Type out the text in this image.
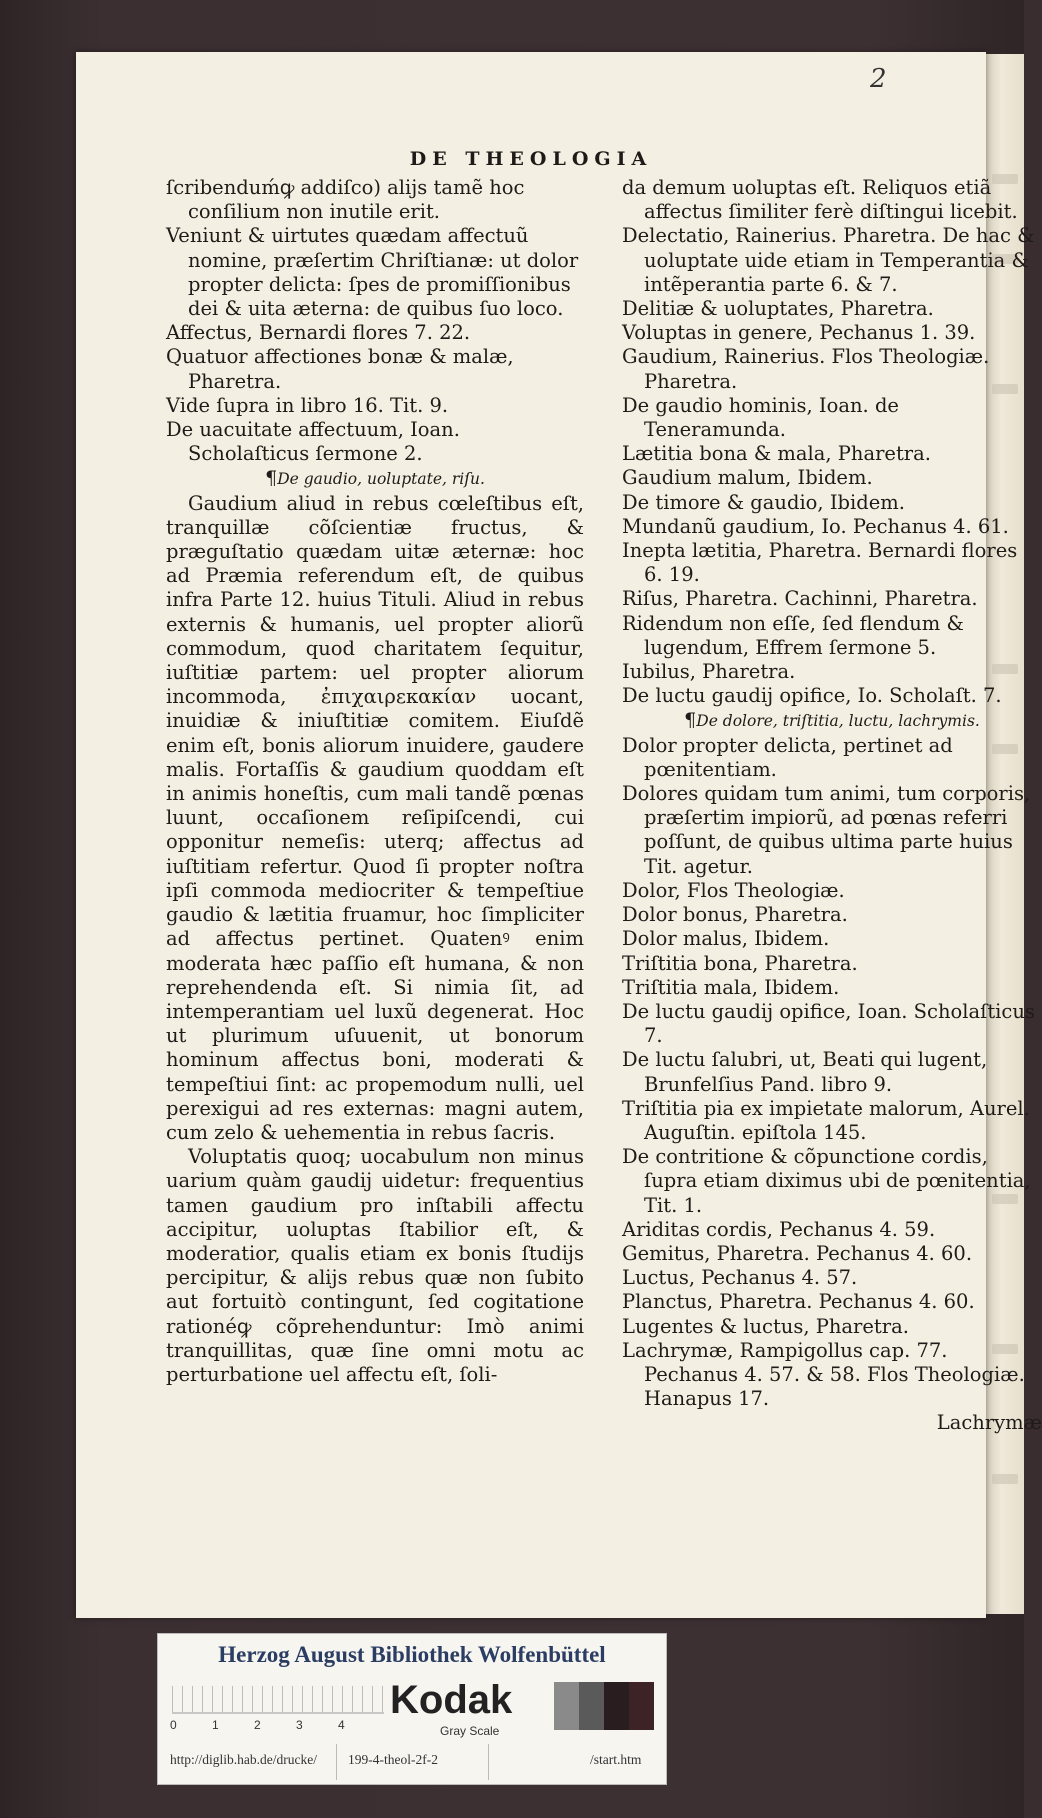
2
DE THEOLOGIA

ſcribenduḿꝙ addiſco) alijs tamẽ hoc conſilium non inutile erit.

Veniunt & uirtutes quædam affectuũ nomine, præſertim Chriſtianæ: ut dolor propter delicta: ſpes de promiſſionibus dei & uita æterna: de quibus ſuo loco.

Affectus, Bernardi flores 7. 22.

Quatuor affectiones bonæ & malæ, Pharetra.

Vide ſupra in libro 16. Tit. 9.

De uacuitate affectuum, Ioan. Scholaſticus ſermone 2.

¶De gaudio, uoluptate, riſu.

Gaudium aliud in rebus cœleſtibus eſt, tranquillæ cõſcientiæ fructus, & præguſtatio quædam uitæ æternæ: hoc ad Præmia referendum eſt, de quibus infra Parte 12. huius Tituli. Aliud in rebus externis & humanis, uel propter aliorũ commodum, quod charitatem ſequitur, iuſtitiæ partem: uel propter aliorum incommoda, ἐπιχαιρεκακίαν uocant, inuidiæ & iniuſtitiæ comitem. Eiuſdẽ enim eſt, bonis aliorum inuidere, gaudere malis. Fortaſſis & gaudium quoddam eſt in animis honeſtis, cum mali tandẽ pœnas luunt, occaſionem reſipiſcendi, cui opponitur nemeſis: uterq; affectus ad iuſtitiam refertur. Quod ſi propter noſtra ipſi commoda mediocriter & tempeſtiue gaudio & lætitia fruamur, hoc ſimpliciter ad affectus pertinet. Quatenꝰ enim moderata hæc paſſio eſt humana, & non reprehendenda eſt. Si nimia ſit, ad intemperantiam uel luxũ degenerat. Hoc ut plurimum uſuuenit, ut bonorum hominum affectus boni, moderati & tempeſtiui ſint: ac propemodum nulli, uel perexigui ad res externas: magni autem, cum zelo & uehementia in rebus ſacris.

Voluptatis quoq; uocabulum non minus uarium quàm gaudij uidetur: frequentius tamen gaudium pro inſtabili affectu accipitur, uoluptas ſtabilior eſt, & moderatior, qualis etiam ex bonis ſtudijs percipitur, & alijs rebus quæ non ſubito aut fortuitò contingunt, ſed cogitatione rationéꝙ cõprehenduntur: Imò animi tranquillitas, quæ ſine omni motu ac perturbatione uel affectu eſt, ſoli-

da demum uoluptas eſt. Reliquos etiã affectus ſimiliter ferè diſtingui licebit.

Delectatio, Rainerius. Pharetra. De hac & uoluptate uide etiam in Temperantia & intẽperantia parte 6. & 7.

Delitiæ & uoluptates, Pharetra.

Voluptas in genere, Pechanus 1. 39.

Gaudium, Rainerius. Flos Theologiæ. Pharetra.

De gaudio hominis, Ioan. de Teneramunda.

Lætitia bona & mala, Pharetra.

Gaudium malum, Ibidem.

De timore & gaudio, Ibidem.

Mundanũ gaudium, Io. Pechanus 4. 61.

Inepta lætitia, Pharetra. Bernardi flores 6. 19.

Riſus, Pharetra. Cachinni, Pharetra.

Ridendum non eſſe, ſed flendum & lugendum, Effrem ſermone 5.

Iubilus, Pharetra.

De luctu gaudij opifice, Io. Scholaſt. 7.

¶De dolore, triſtitia, luctu, lachrymis.

Dolor propter delicta, pertinet ad pœnitentiam.

Dolores quidam tum animi, tum corporis, præſertim impiorũ, ad pœnas referri poſſunt, de quibus ultima parte huius Tit. agetur.

Dolor, Flos Theologiæ.

Dolor bonus, Pharetra.

Dolor malus, Ibidem.

Triſtitia bona, Pharetra.

Triſtitia mala, Ibidem.

De luctu gaudij opifice, Ioan. Scholaſticus 7.

De luctu ſalubri, ut, Beati qui lugent, Brunfelſius Pand. libro 9.

Triſtitia pia ex impietate malorum, Aurel. Auguſtin. epiſtola 145.

De contritione & cõpunctione cordis, ſupra etiam diximus ubi de pœnitentia, Tit. 1.

Ariditas cordis, Pechanus 4. 59.

Gemitus, Pharetra. Pechanus 4. 60.

Luctus, Pechanus 4. 57.

Planctus, Pharetra. Pechanus 4. 60.

Lugentes & luctus, Pharetra.

Lachrymæ, Rampigollus cap. 77. Pechanus 4. 57. & 58. Flos Theologiæ. Hanapus 17.

Lachrymæ

Herzog August Bibliothek Wolfenbüttel
0	1	2	3	4
Kodak
Gray Scale
http://diglib.hab.de/drucke/ 199-4-theol-2f-2	/start.htm
